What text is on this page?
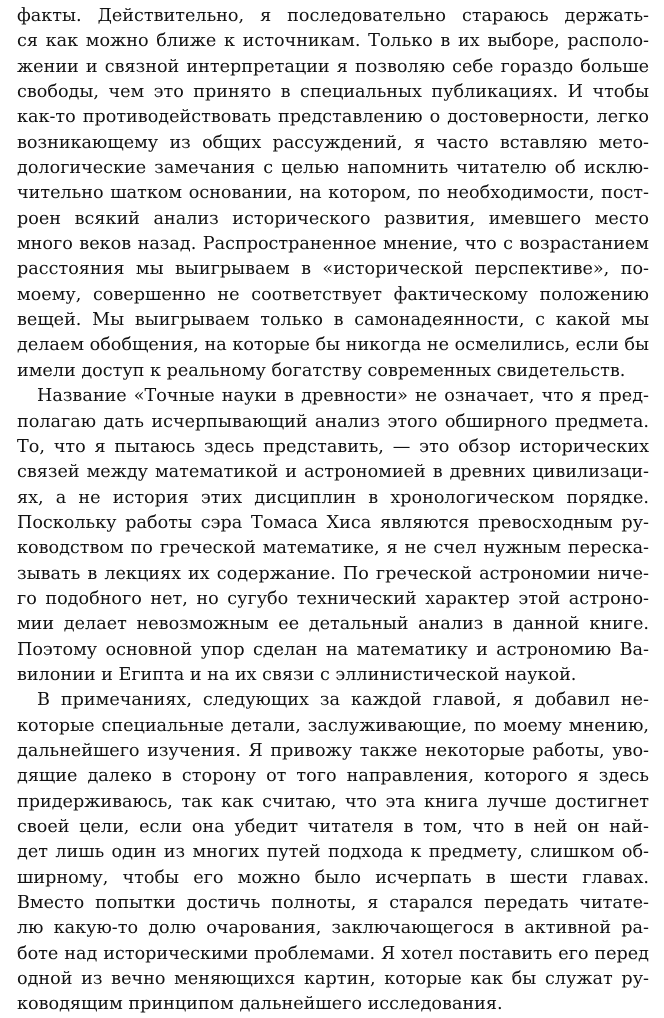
факты. Действительно, я последовательно стараюсь держать-
ся как можно ближе к источникам. Только в их выборе, располо-
жении и связной интерпретации я позволяю себе гораздо больше
свободы, чем это принято в специальных публикациях. И чтобы
как-то противодействовать представлению о достоверности, легко
возникающему из общих рассуждений, я часто вставляю мето-
дологические замечания с целью напомнить читателю об исклю-
чительно шатком основании, на котором, по необходимости, пост-
роен всякий анализ исторического развития, имевшего место
много веков назад. Распространенное мнение, что с возрастанием
расстояния мы выигрываем в «исторической перспективе», по-
моему, совершенно не соответствует фактическому положению
вещей. Мы выигрываем только в самонадеянности, с какой мы
делаем обобщения, на которые бы никогда не осмелились, если бы
имели доступ к реальному богатству современных свидетельств.
Название «Точные науки в древности» не означает, что я пред-
полагаю дать исчерпывающий анализ этого обширного предмета.
То, что я пытаюсь здесь представить, — это обзор исторических
связей между математикой и астрономией в древних цивилизаци-
ях, а не история этих дисциплин в хронологическом порядке.
Поскольку работы сэра Томаса Хиса являются превосходным ру-
ководством по греческой математике, я не счел нужным переска-
зывать в лекциях их содержание. По греческой астрономии ниче-
го подобного нет, но сугубо технический характер этой астроно-
мии делает невозможным ее детальный анализ в данной книге.
Поэтому основной упор сделан на математику и астрономию Ва-
вилонии и Египта и на их связи с эллинистической наукой.
В примечаниях, следующих за каждой главой, я добавил не-
которые специальные детали, заслуживающие, по моему мнению,
дальнейшего изучения. Я привожу также некоторые работы, уво-
дящие далеко в сторону от того направления, которого я здесь
придерживаюсь, так как считаю, что эта книга лучше достигнет
своей цели, если она убедит читателя в том, что в ней он най-
дет лишь один из многих путей подхода к предмету, слишком об-
ширному, чтобы его можно было исчерпать в шести главах.
Вместо попытки достичь полноты, я старался передать читате-
лю какую-то долю очарования, заключающегося в активной ра-
боте над историческими проблемами. Я хотел поставить его перед
одной из вечно меняющихся картин, которые как бы служат ру-
ководящим принципом дальнейшего исследования.
